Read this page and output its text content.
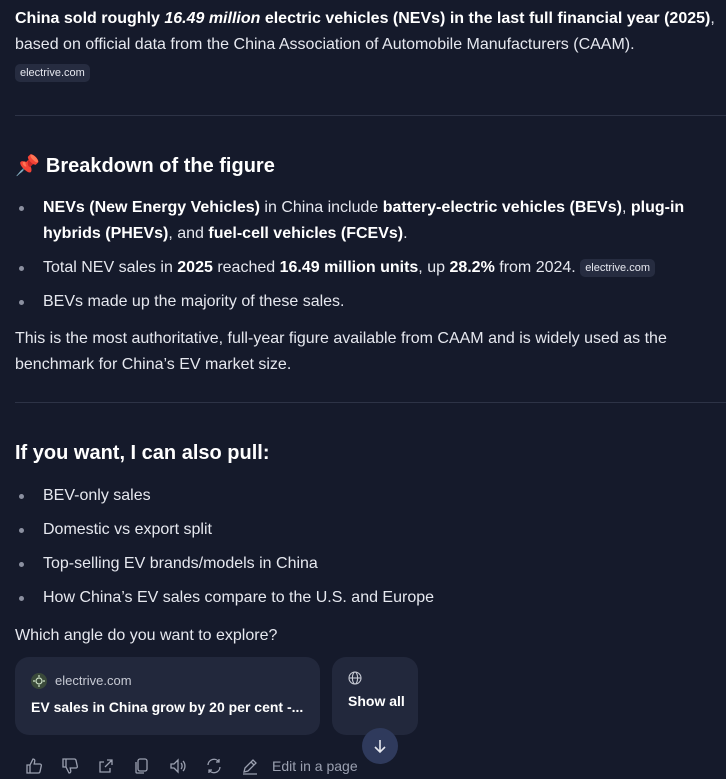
China sold roughly 16.49 million electric vehicles (NEVs) in the last full financial year (2025), based on official data from the China Association of Automobile Manufacturers (CAAM).

electrive.com
📌 Breakdown of the figure
NEVs (New Energy Vehicles) in China include battery-electric vehicles (BEVs), plug-in hybrids (PHEVs), and fuel-cell vehicles (FCEVs).
Total NEV sales in 2025 reached 16.49 million units, up 28.2% from 2024. electrive.com
BEVs made up the majority of these sales.

This is the most authoritative, full-year figure available from CAAM and is widely used as the benchmark for China’s EV market size.

If you want, I can also pull:
BEV-only sales
Domestic vs export split
Top-selling EV brands/models in China
How China’s EV sales compare to the U.S. and Europe

Which angle do you want to explore?

electrive.com
EV sales in China grow by 20 per cent -...	Show all
Edit in a page
